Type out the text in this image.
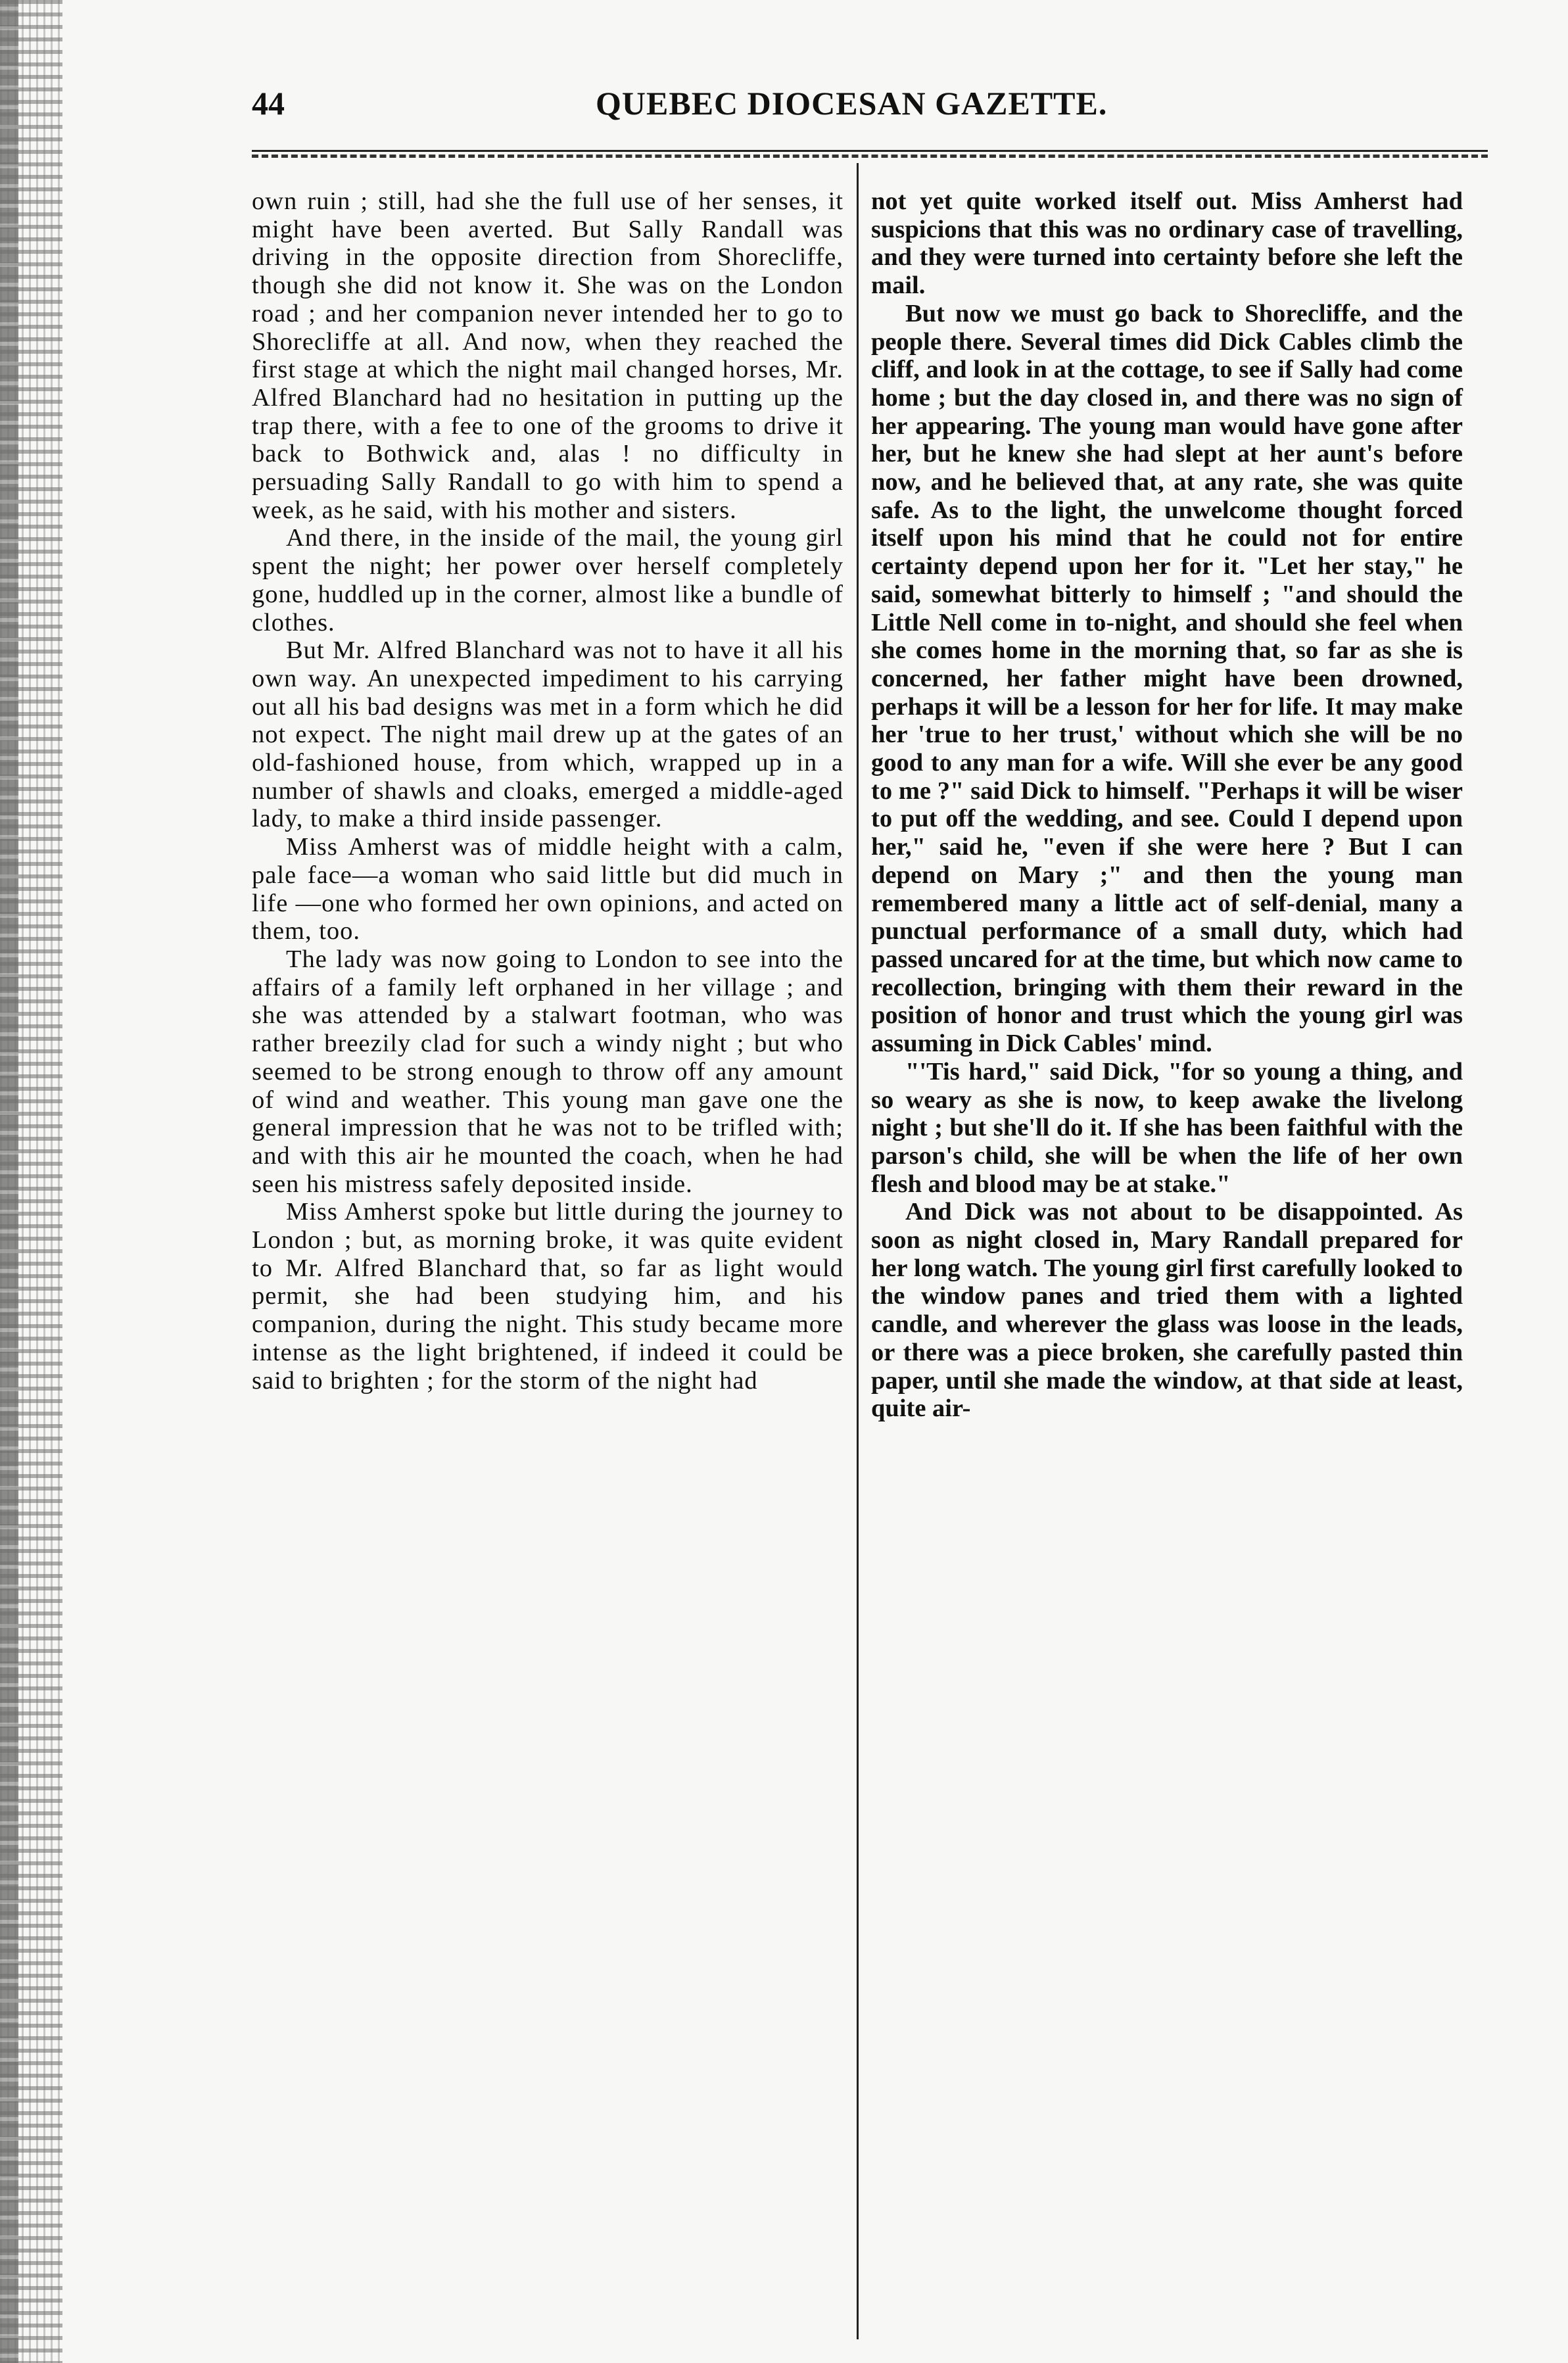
44	QUEBEC DIOCESAN GAZETTE.

own ruin ; still, had she the full use of her senses, it might have been averted. But Sally Randall was driving in the opposite direction from Shorecliffe, though she did not know it. She was on the London road ; and her companion never intended her to go to Shorecliffe at all. And now, when they reached the first stage at which the night mail changed horses, Mr. Alfred Blanchard had no hesitation in putting up the trap there, with a fee to one of the grooms to drive it back to Bothwick and, alas ! no difficulty in persuading Sally Randall to go with him to spend a week, as he said, with his mother and sisters.

And there, in the inside of the mail, the young girl spent the night; her power over herself completely gone, huddled up in the corner, almost like a bundle of clothes.

But Mr. Alfred Blanchard was not to have it all his own way. An unexpected impediment to his carrying out all his bad designs was met in a form which he did not expect. The night mail drew up at the gates of an old-fashioned house, from which, wrapped up in a number of shawls and cloaks, emerged a middle-aged lady, to make a third inside passenger.

Miss Amherst was of middle height with a calm, pale face—a woman who said little but did much in life —one who formed her own opinions, and acted on them, too.

The lady was now going to London to see into the affairs of a family left orphaned in her village ; and she was attended by a stalwart footman, who was rather breezily clad for such a windy night ; but who seemed to be strong enough to throw off any amount of wind and weather. This young man gave one the general impression that he was not to be trifled with; and with this air he mounted the coach, when he had seen his mistress safely deposited inside.

Miss Amherst spoke but little during the journey to London ; but, as morning broke, it was quite evident to Mr. Alfred Blanchard that, so far as light would permit, she had been studying him, and his companion, during the night. This study became more intense as the light brightened, if indeed it could be said to brighten ; for the storm of the night had

not yet quite worked itself out. Miss Amherst had suspicions that this was no ordinary case of travelling, and they were turned into certainty before she left the mail.

But now we must go back to Shorecliffe, and the people there. Several times did Dick Cables climb the cliff, and look in at the cottage, to see if Sally had come home ; but the day closed in, and there was no sign of her appearing. The young man would have gone after her, but he knew she had slept at her aunt's before now, and he believed that, at any rate, she was quite safe. As to the light, the unwelcome thought forced itself upon his mind that he could not for entire certainty depend upon her for it. "Let her stay," he said, somewhat bitterly to himself ; "and should the Little Nell come in to-night, and should she feel when she comes home in the morning that, so far as she is concerned, her father might have been drowned, perhaps it will be a lesson for her for life. It may make her 'true to her trust,' without which she will be no good to any man for a wife. Will she ever be any good to me ?" said Dick to himself. "Perhaps it will be wiser to put off the wedding, and see. Could I depend upon her," said he, "even if she were here ? But I can depend on Mary ;" and then the young man remembered many a little act of self-denial, many a punctual performance of a small duty, which had passed uncared for at the time, but which now came to recollection, bringing with them their reward in the position of honor and trust which the young girl was assuming in Dick Cables' mind.

"'Tis hard," said Dick, "for so young a thing, and so weary as she is now, to keep awake the livelong night ; but she'll do it. If she has been faithful with the parson's child, she will be when the life of her own flesh and blood may be at stake."

And Dick was not about to be disappointed. As soon as night closed in, Mary Randall prepared for her long watch. The young girl first carefully looked to the window panes and tried them with a lighted candle, and wherever the glass was loose in the leads, or there was a piece broken, she carefully pasted thin paper, until she made the window, at that side at least, quite air-
